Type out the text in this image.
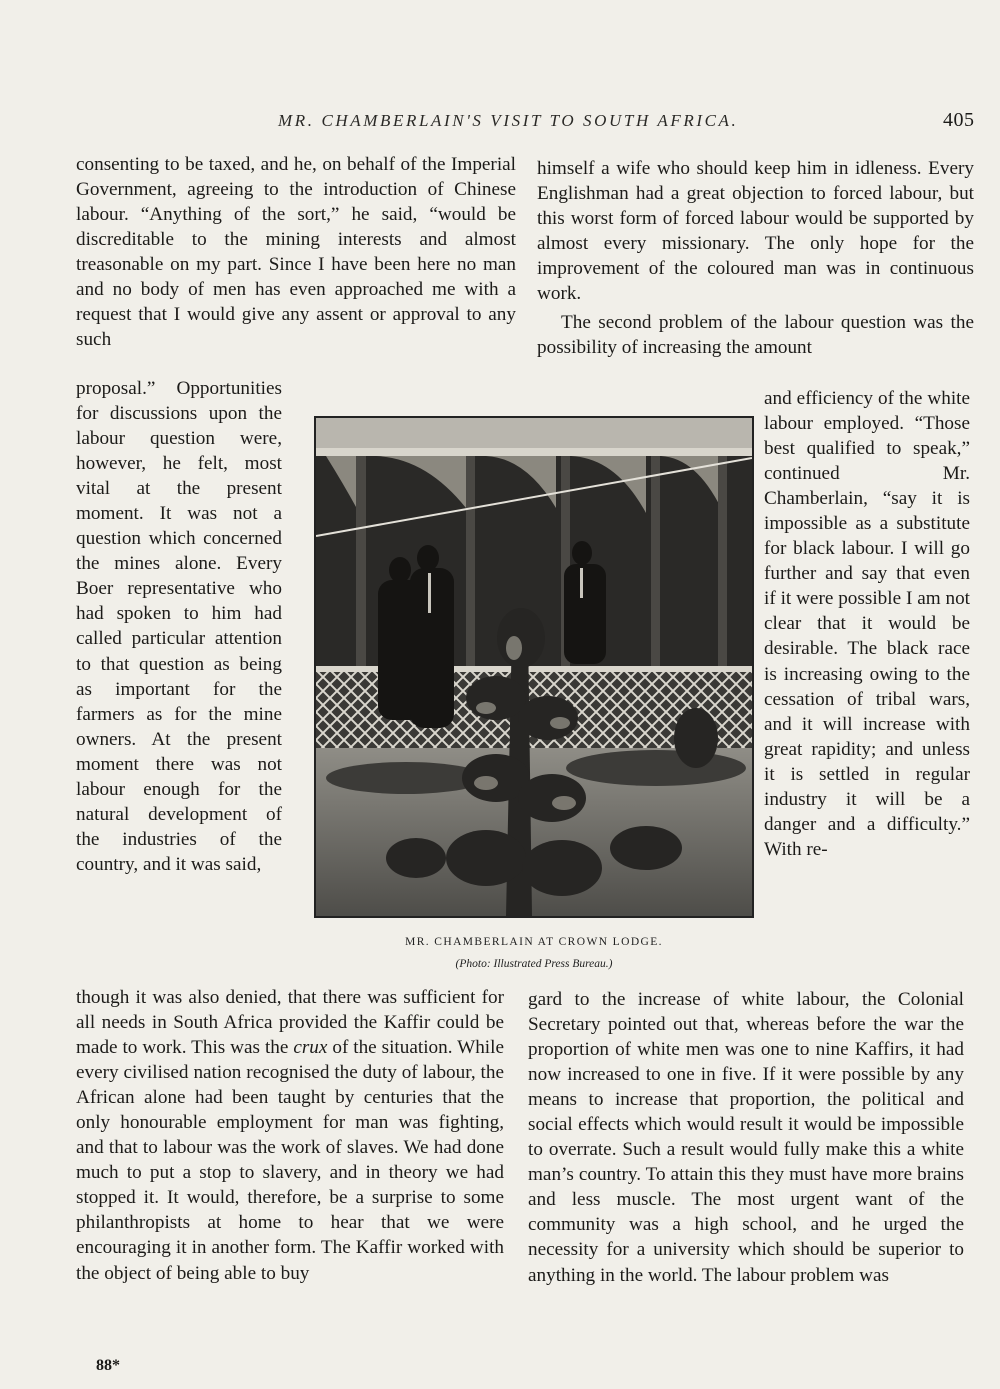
MR. CHAMBERLAIN'S VISIT TO SOUTH AFRICA.	405

consenting to be taxed, and he, on behalf of the Imperial Government, agreeing to the introduction of Chinese labour. “Anything of the sort,” he said, “would be discreditable to the mining interests and almost treasonable on my part. Since I have been here no man and no body of men has even approached me with a request that I would give any assent or approval to any such

proposal.” Opportunities for discussions upon the labour question were, however, he felt, most vital at the present moment. It was not a question which concerned the mines alone. Every Boer representative who had spoken to him had called particular attention to that question as being as important for the farmers as for the mine owners. At the present moment there was not labour enough for the natural development of the industries of the country, and it was said,

though it was also denied, that there was sufficient for all needs in South Africa provided the Kaffir could be made to work. This was the crux of the situation. While every civilised nation recognised the duty of labour, the African alone had been taught by centuries that the only honourable employment for man was fighting, and that to labour was the work of slaves. We had done much to put a stop to slavery, and in theory we had stopped it. It would, therefore, be a surprise to some philanthropists at home to hear that we were encouraging it in another form. The Kaffir worked with the object of being able to buy

himself a wife who should keep him in idleness. Every Englishman had a great objection to forced labour, but this worst form of forced labour would be supported by almost every missionary. The only hope for the improvement of the coloured man was in continuous work.

The second problem of the labour question was the possibility of increasing the amount

and efficiency of the white labour employed. “Those best qualified to speak,” continued Mr. Chamberlain, “say it is impossible as a substitute for black labour. I will go further and say that even if it were possible I am not clear that it would be desirable. The black race is increasing owing to the cessation of tribal wars, and it will increase with great rapidity; and unless it is settled in regular industry it will be a danger and a difficulty.” With re-

gard to the increase of white labour, the Colonial Secretary pointed out that, whereas before the war the proportion of white men was one to nine Kaffirs, it had now increased to one in five. If it were possible by any means to increase that proportion, the political and social effects which would result it would be impossible to overrate. Such a result would fully make this a white man’s country. To attain this they must have more brains and less muscle. The most urgent want of the community was a high school, and he urged the necessity for a university which should be superior to anything in the world. The labour problem was

MR. CHAMBERLAIN AT CROWN LODGE.
(Photo: Illustrated Press Bureau.)
88*
